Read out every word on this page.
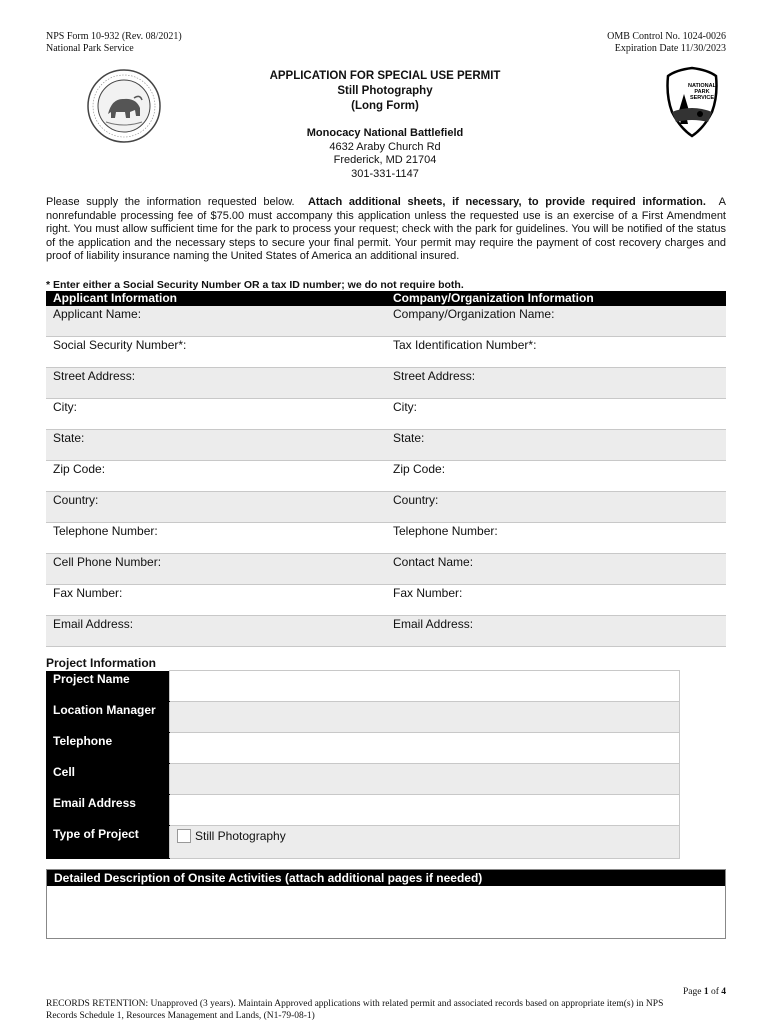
NPS Form 10-932 (Rev. 08/2021)
National Park Service
OMB Control No. 1024-0026
Expiration Date 11/30/2023
APPLICATION FOR SPECIAL USE PERMIT
Still Photography
(Long Form)
Monocacy National Battlefield
4632 Araby Church Rd
Frederick, MD 21704
301-331-1147
NATIONAL
PARK
SERVICE
Please supply the information requested below. Attach additional sheets, if necessary, to provide required information. A nonrefundable processing fee of $75.00 must accompany this application unless the requested use is an exercise of a First Amendment right. You must allow sufficient time for the park to process your request; check with the park for guidelines. You will be notified of the status of the application and the necessary steps to secure your final permit. Your permit may require the payment of cost recovery charges and proof of liability insurance naming the United States of America an additional insured.
* Enter either a Social Security Number OR a tax ID number; we do not require both.
Applicant Information	Company/Organization Information
Applicant Name:	Company/Organization Name:
Social Security Number*:	Tax Identification Number*:
Street Address:	Street Address:
City:	City:
State:	State:
Zip Code:	Zip Code:
Country:	Country:
Telephone Number:	Telephone Number:
Cell Phone Number:	Contact Name:
Fax Number:	Fax Number:
Email Address:	Email Address:
Project Information
Project Name	
Location Manager	
Telephone	
Cell	
Email Address	
Type of Project	Still Photography
Detailed Description of Onsite Activities (attach additional pages if needed)
Page 1 of 4
RECORDS RETENTION: Unapproved (3 years). Maintain Approved applications with related permit and associated records based on appropriate item(s) in NPS
Records Schedule 1, Resources Management and Lands, (N1-79-08-1)
